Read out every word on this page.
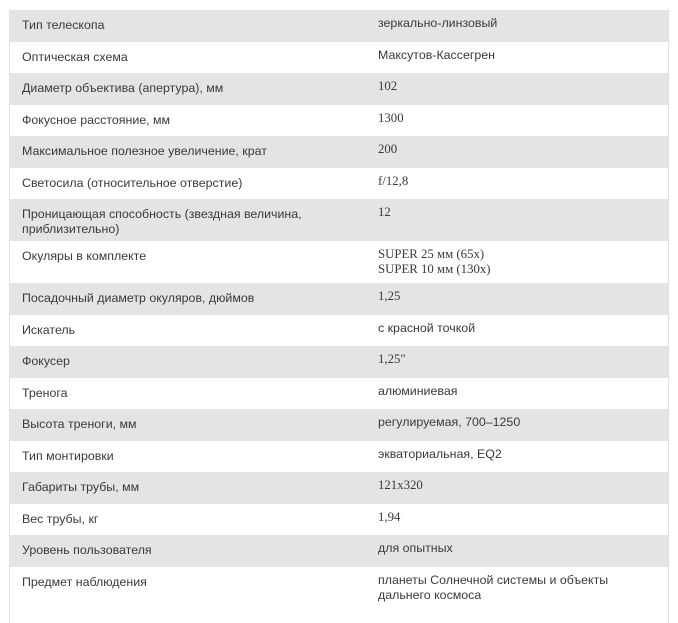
Тип телескопа	зеркально-линзовый

Оптическая схема	Максутов-Кассегрен

Диаметр объектива (апертура), мм	102

Фокусное расстояние, мм	1300

Максимальное полезное увеличение, крат	200

Светосила (относительное отверстие)	f/12,8

Проницающая способность (звездная величина, приблизительно)	12

Окуляры в комплекте	SUPER 25 мм (65x)
SUPER 10 мм (130x)

Посадочный диаметр окуляров, дюймов	1,25

Искатель	с красной точкой

Фокусер	1,25"

Тренога	алюминиевая

Высота треноги, мм	регулируемая, 700–1250

Тип монтировки	экваториальная, EQ2

Габариты трубы, мм	121x320

Вес трубы, кг	1,94

Уровень пользователя	для опытных

Предмет наблюдения	планеты Солнечной системы и объекты дальнего космоса
